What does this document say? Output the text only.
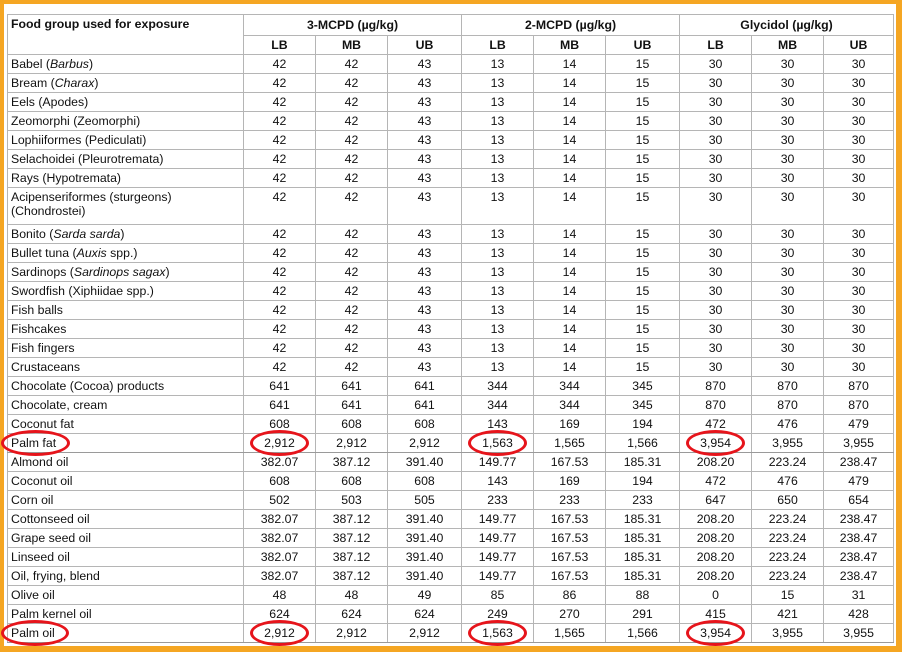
Food group used for exposure	3-MCPD (µg/kg)			2-MCPD (µg/kg)			Glycidol (µg/kg)		
	LB	MB	UB	LB	MB	UB	LB	MB	UB
Babel (Barbus)	42	42	43	13	14	15	30	30	30
Bream (Charax)	42	42	43	13	14	15	30	30	30
Eels (Apodes)	42	42	43	13	14	15	30	30	30
Zeomorphi (Zeomorphi)	42	42	43	13	14	15	30	30	30
Lophiiformes (Pediculati)	42	42	43	13	14	15	30	30	30
Selachoidei (Pleurotremata)	42	42	43	13	14	15	30	30	30
Rays (Hypotremata)	42	42	43	13	14	15	30	30	30
Acipenseriformes (sturgeons) (Chondrostei)	42	42	43	13	14	15	30	30	30
Bonito (Sarda sarda)	42	42	43	13	14	15	30	30	30
Bullet tuna (Auxis spp.)	42	42	43	13	14	15	30	30	30
Sardinops (Sardinops sagax)	42	42	43	13	14	15	30	30	30
Swordfish (Xiphiidae spp.)	42	42	43	13	14	15	30	30	30
Fish balls	42	42	43	13	14	15	30	30	30
Fishcakes	42	42	43	13	14	15	30	30	30
Fish fingers	42	42	43	13	14	15	30	30	30
Crustaceans	42	42	43	13	14	15	30	30	30
Chocolate (Cocoa) products	641	641	641	344	344	345	870	870	870
Chocolate, cream	641	641	641	344	344	345	870	870	870
Coconut fat	608	608	608	143	169	194	472	476	479
Palm fat	2,912	2,912	2,912	1,563	1,565	1,566	3,954	3,955	3,955
Almond oil	382.07	387.12	391.40	149.77	167.53	185.31	208.20	223.24	238.47
Coconut oil	608	608	608	143	169	194	472	476	479
Corn oil	502	503	505	233	233	233	647	650	654
Cottonseed oil	382.07	387.12	391.40	149.77	167.53	185.31	208.20	223.24	238.47
Grape seed oil	382.07	387.12	391.40	149.77	167.53	185.31	208.20	223.24	238.47
Linseed oil	382.07	387.12	391.40	149.77	167.53	185.31	208.20	223.24	238.47
Oil, frying, blend	382.07	387.12	391.40	149.77	167.53	185.31	208.20	223.24	238.47
Olive oil	48	48	49	85	86	88	0	15	31
Palm kernel oil	624	624	624	249	270	291	415	421	428
Palm oil	2,912	2,912	2,912	1,563	1,565	1,566	3,954	3,955	3,955
